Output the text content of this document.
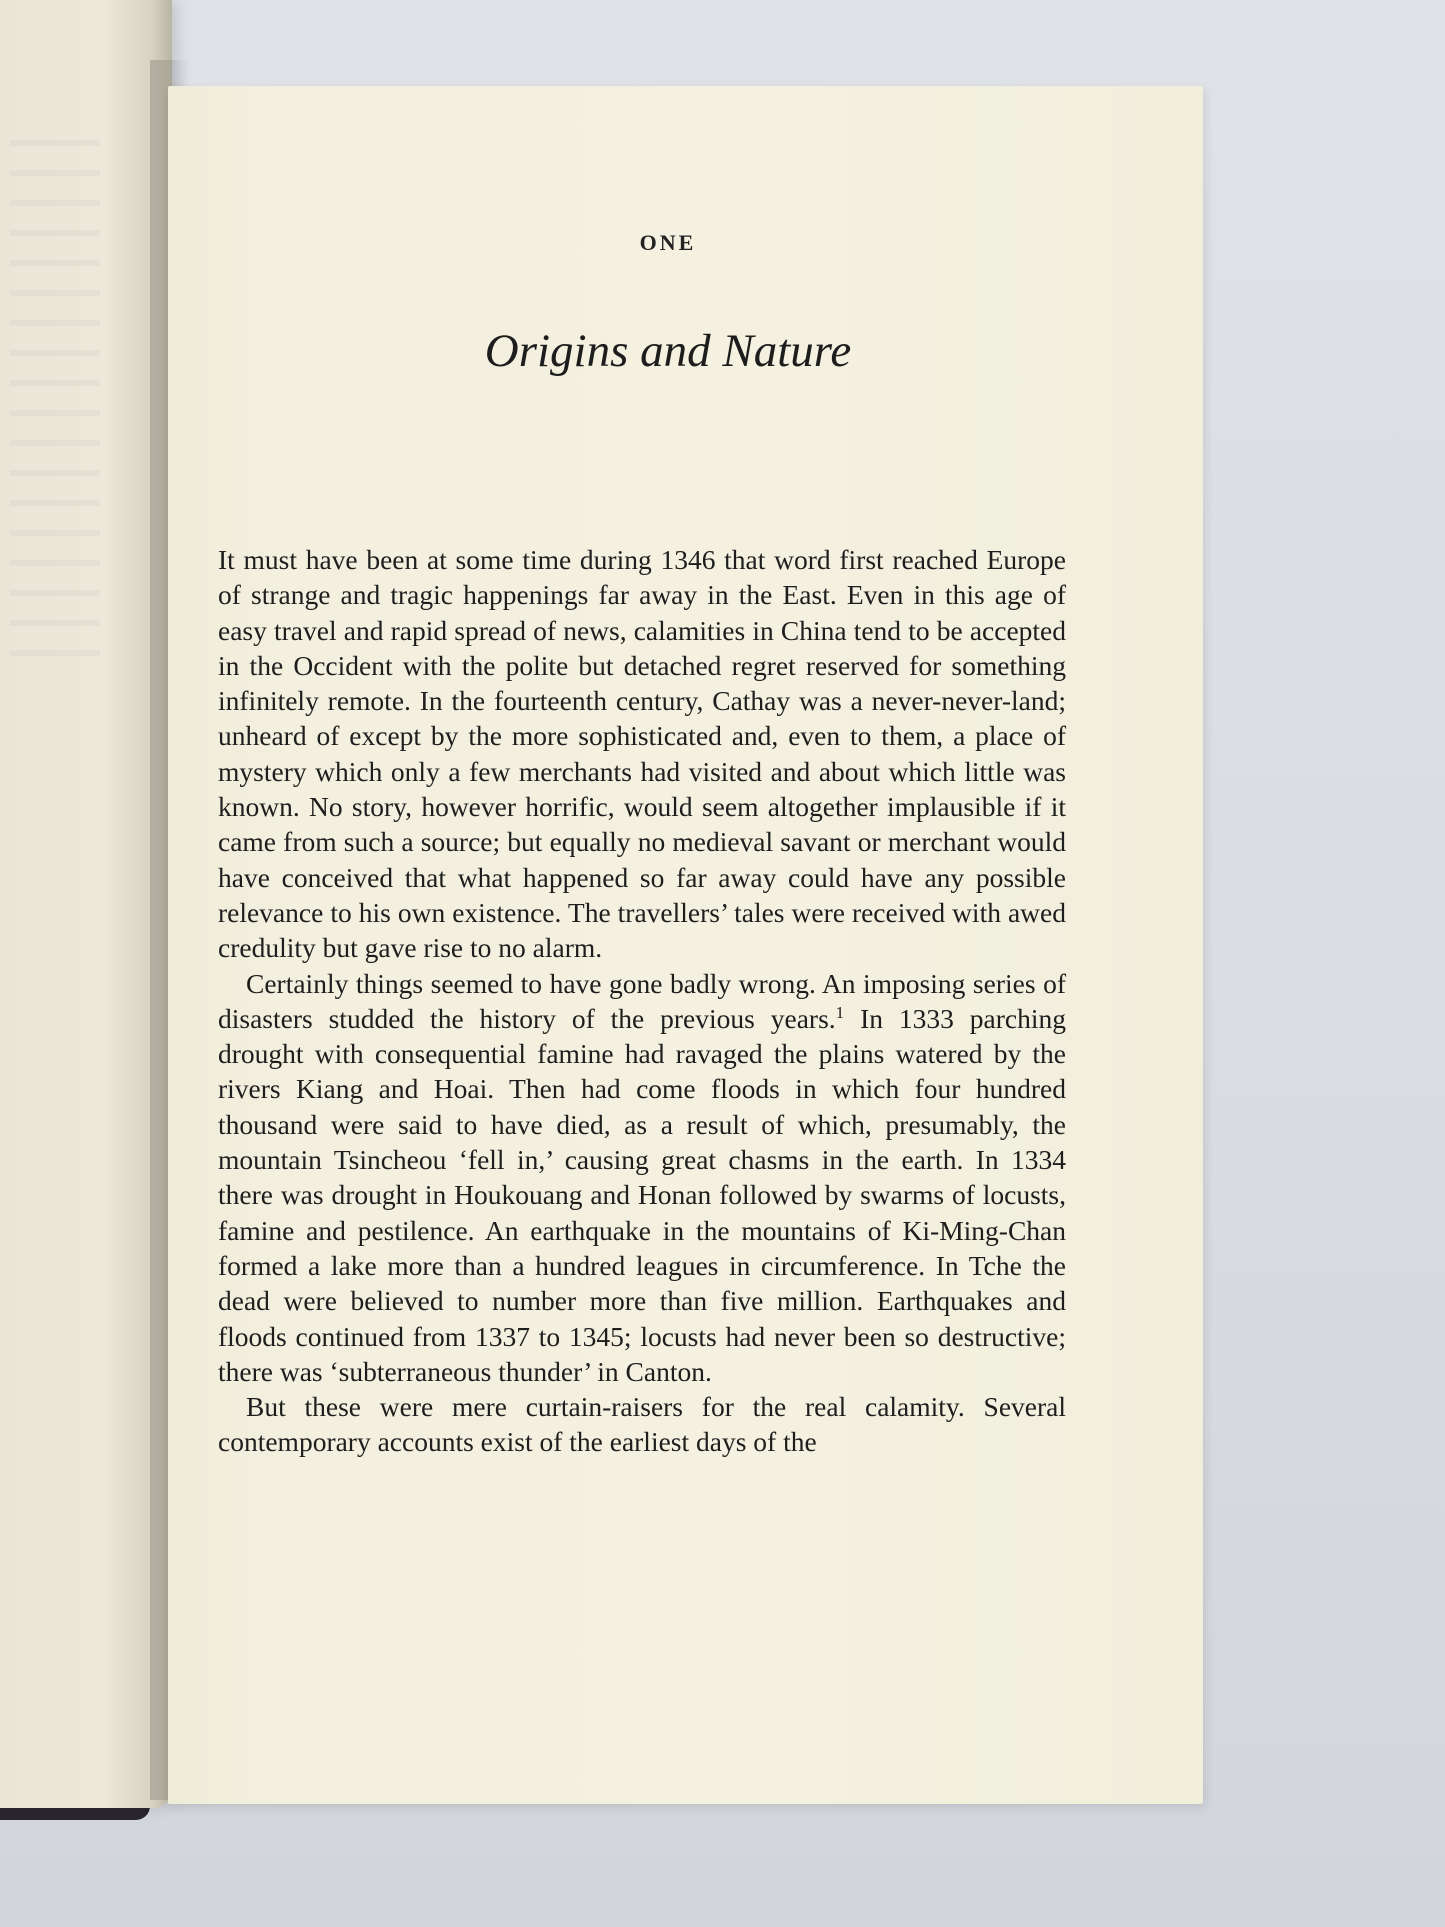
ONE
Origins and Nature

It must have been at some time during 1346 that word first reached Europe of strange and tragic happenings far away in the East. Even in this age of easy travel and rapid spread of news, calamities in China tend to be accepted in the Occident with the polite but detached regret reserved for something infinitely remote. In the fourteenth century, Cathay was a never-never-land; unheard of except by the more sophisticated and, even to them, a place of mystery which only a few merchants had visited and about which little was known. No story, however horrific, would seem altogether implausible if it came from such a source; but equally no medieval savant or merchant would have conceived that what happened so far away could have any possible relevance to his own existence. The travellers’ tales were received with awed credulity but gave rise to no alarm.

Certainly things seemed to have gone badly wrong. An imposing series of disasters studded the history of the previous years.$^1$ In 1333 parching drought with consequential famine had ravaged the plains watered by the rivers Kiang and Hoai. Then had come floods in which four hundred thousand were said to have died, as a result of which, presumably, the mountain Tsincheou ‘fell in,’ causing great chasms in the earth. In 1334 there was drought in Houkouang and Honan followed by swarms of locusts, famine and pestilence. An earthquake in the mountains of Ki-Ming-Chan formed a lake more than a hundred leagues in circumference. In Tche the dead were believed to number more than five million. Earthquakes and floods continued from 1337 to 1345; locusts had never been so destructive; there was ‘subterraneous thunder’ in Canton.

But these were mere curtain-raisers for the real calamity. Several contemporary accounts exist of the earliest days of the
